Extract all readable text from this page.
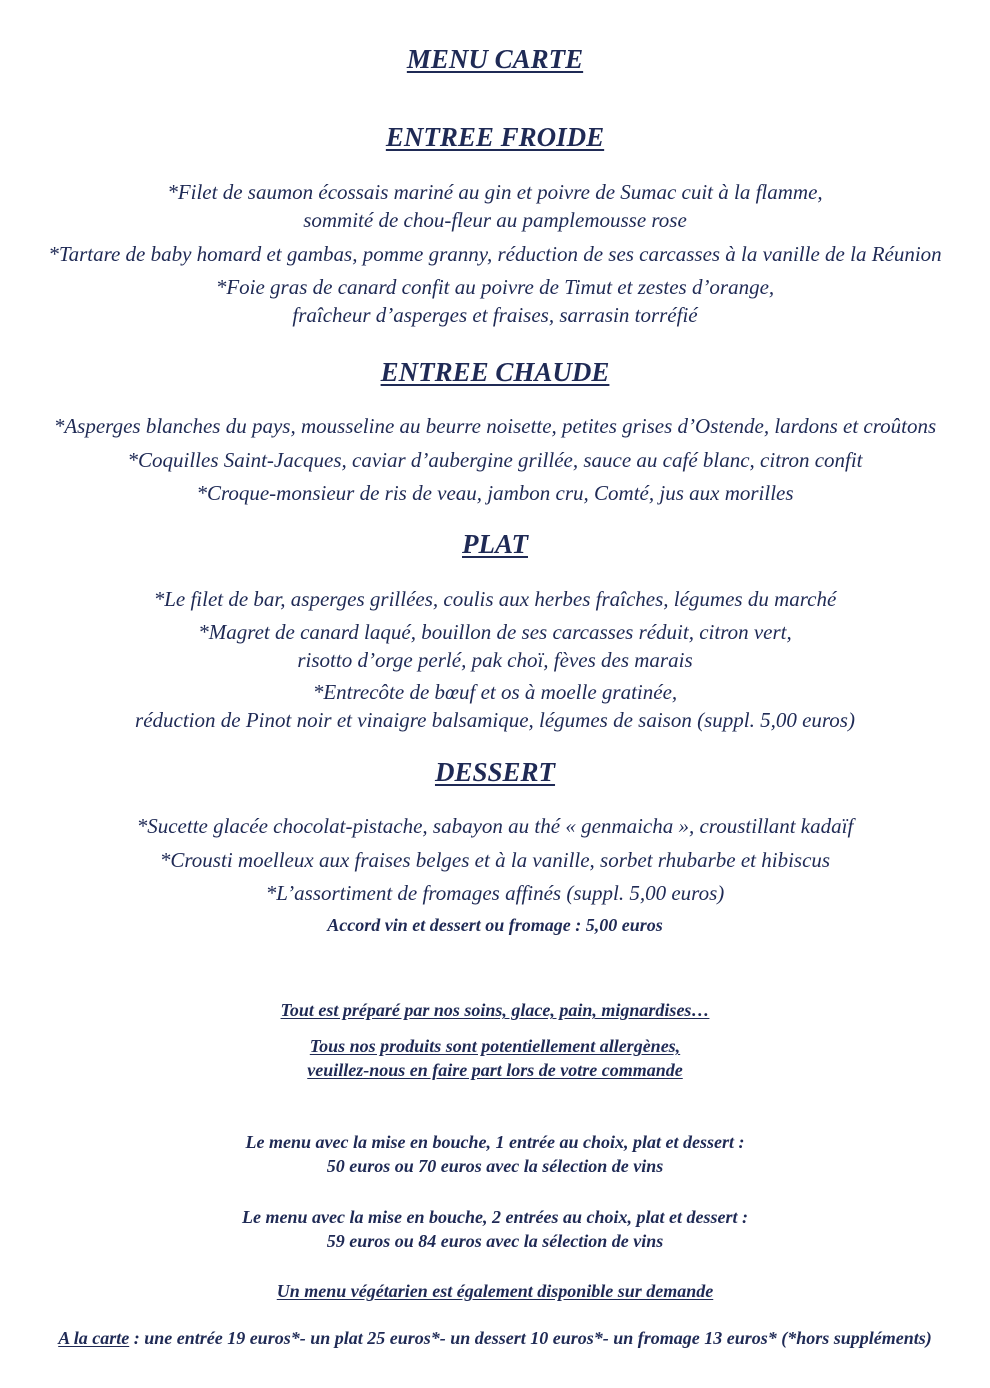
MENU CARTE
ENTREE FROIDE
*Filet de saumon écossais mariné au gin et poivre de Sumac cuit à la flamme,
sommité de chou-fleur au pamplemousse rose
*Tartare de baby homard et gambas, pomme granny, réduction de ses carcasses à la vanille de la Réunion
*Foie gras de canard confit au poivre de Timut et zestes d’orange,
fraîcheur d’asperges et fraises, sarrasin torréfié
ENTREE CHAUDE
*Asperges blanches du pays, mousseline au beurre noisette, petites grises d’Ostende, lardons et croûtons
*Coquilles Saint-Jacques, caviar d’aubergine grillée, sauce au café blanc, citron confit
*Croque-monsieur de ris de veau, jambon cru, Comté, jus aux morilles
PLAT
*Le filet de bar, asperges grillées, coulis aux herbes fraîches, légumes du marché
*Magret de canard laqué, bouillon de ses carcasses réduit, citron vert,
risotto d’orge perlé, pak choï, fèves des marais
*Entrecôte de bœuf et os à moelle gratinée,
réduction de Pinot noir et vinaigre balsamique, légumes de saison (suppl. 5,00 euros)
DESSERT
*Sucette glacée chocolat-pistache, sabayon au thé « genmaicha », croustillant kadaïf
*Crousti moelleux aux fraises belges et à la vanille, sorbet rhubarbe et hibiscus
*L’assortiment de fromages affinés (suppl. 5,00 euros)
Accord vin et dessert ou fromage : 5,00 euros
Tout est préparé par nos soins, glace, pain, mignardises…
Tous nos produits sont potentiellement allergènes,
veuillez-nous en faire part lors de votre commande
Le menu avec la mise en bouche, 1 entrée au choix, plat et dessert :
50 euros ou 70 euros avec la sélection de vins
Le menu avec la mise en bouche, 2 entrées au choix, plat et dessert :
59 euros ou 84 euros avec la sélection de vins
Un menu végétarien est également disponible sur demande
A la carte : une entrée 19 euros*- un plat 25 euros*- un dessert 10 euros*- un fromage 13 euros* (*hors suppléments)
